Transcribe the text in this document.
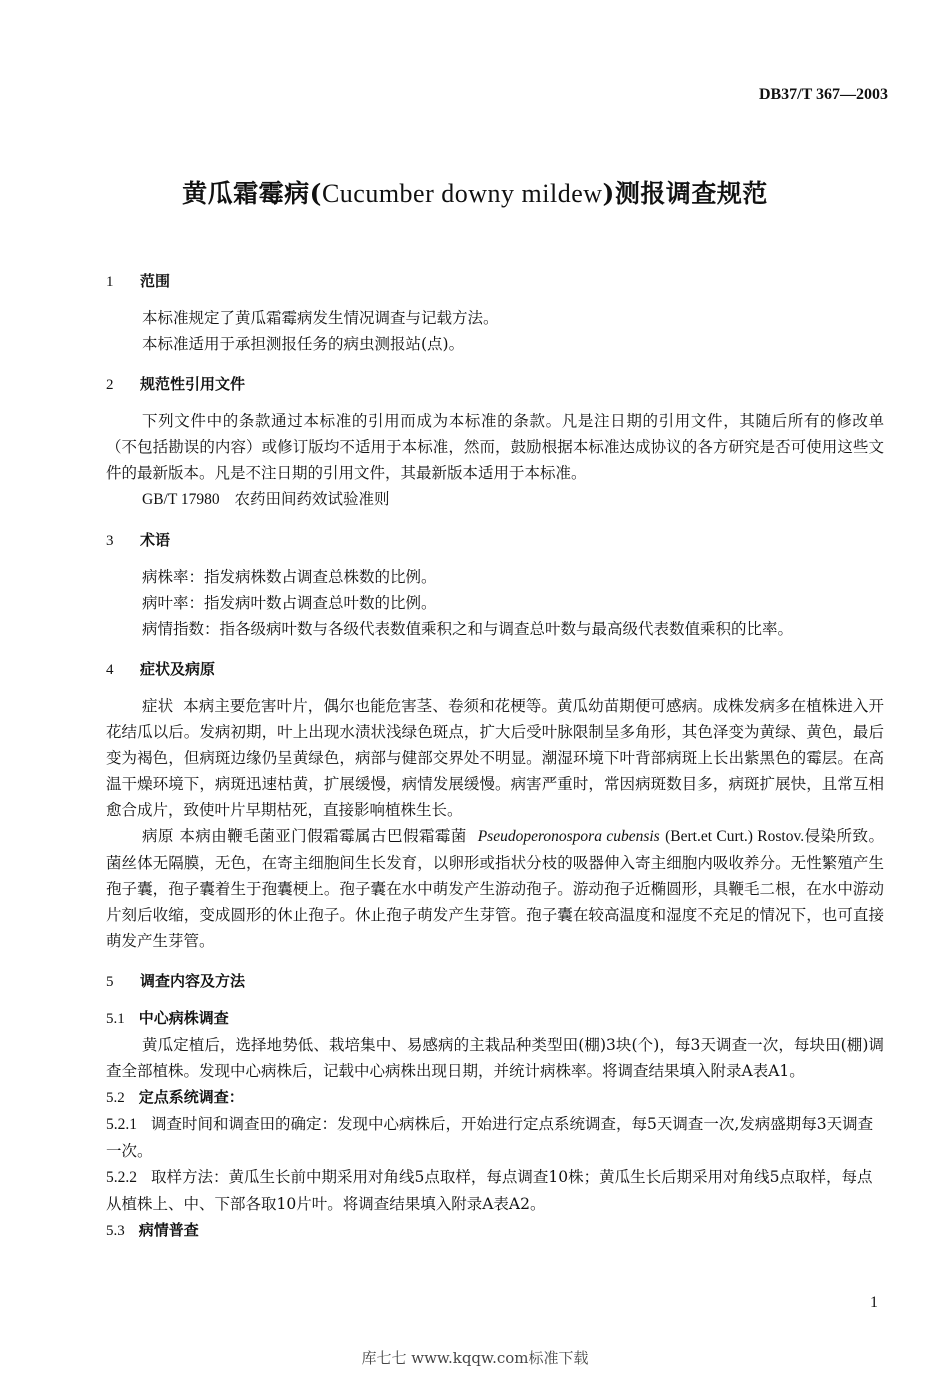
DB37/T 367—2003
黄瓜霜霉病(Cucumber downy mildew)测报调查规范
1 范围
本标准规定了黄瓜霜霉病发生情况调查与记载方法。
本标准适用于承担测报任务的病虫测报站(点)。
2 规范性引用文件
下列文件中的条款通过本标准的引用而成为本标准的条款。凡是注日期的引用文件，其随后所有的修改单（不包括勘误的内容）或修订版均不适用于本标准，然而，鼓励根据本标准达成协议的各方研究是否可使用这些文件的最新版本。凡是不注日期的引用文件，其最新版本适用于本标准。
GB/T 17980 农药田间药效试验准则
3 术语
病株率：指发病株数占调查总株数的比例。
病叶率：指发病叶数占调查总叶数的比例。
病情指数：指各级病叶数与各级代表数值乘积之和与调查总叶数与最高级代表数值乘积的比率。
4 症状及病原
症状 本病主要危害叶片，偶尔也能危害茎、卷须和花梗等。黄瓜幼苗期便可感病。成株发病多在植株进入开花结瓜以后。发病初期，叶上出现水渍状浅绿色斑点，扩大后受叶脉限制呈多角形，其色泽变为黄绿、黄色，最后变为褐色，但病斑边缘仍呈黄绿色，病部与健部交界处不明显。潮湿环境下叶背部病斑上长出紫黑色的霉层。在高温干燥环境下，病斑迅速枯黄，扩展缓慢，病情发展缓慢。病害严重时，常因病斑数目多，病斑扩展快，且常互相愈合成片，致使叶片早期枯死，直接影响植株生长。
病原 本病由鞭毛菌亚门假霜霉属古巴假霜霉菌 Pseudoperonospora cubensis (Bert.et Curt.) Rostov.侵染所致。菌丝体无隔膜，无色，在寄主细胞间生长发育，以卵形或指状分枝的吸器伸入寄主细胞内吸收养分。无性繁殖产生孢子囊，孢子囊着生于孢囊梗上。孢子囊在水中萌发产生游动孢子。游动孢子近椭圆形，具鞭毛二根，在水中游动片刻后收缩，变成圆形的休止孢子。休止孢子萌发产生芽管。孢子囊在较高温度和湿度不充足的情况下，也可直接萌发产生芽管。
5 调查内容及方法
5.1 中心病株调查
黄瓜定植后，选择地势低、栽培集中、易感病的主栽品种类型田(棚)3块(个)，每3天调查一次，每块田(棚)调查全部植株。发现中心病株后，记载中心病株出现日期，并统计病株率。将调查结果填入附录A表A1。
5.2 定点系统调查：
5.2.1 调查时间和调查田的确定：发现中心病株后，开始进行定点系统调查，每5天调查一次,发病盛期每3天调查一次。
5.2.2 取样方法：黄瓜生长前中期采用对角线5点取样，每点调查10株；黄瓜生长后期采用对角线5点取样，每点从植株上、中、下部各取10片叶。将调查结果填入附录A表A2。
5.3 病情普查
1
库七七 www.kqqw.com标准下载
